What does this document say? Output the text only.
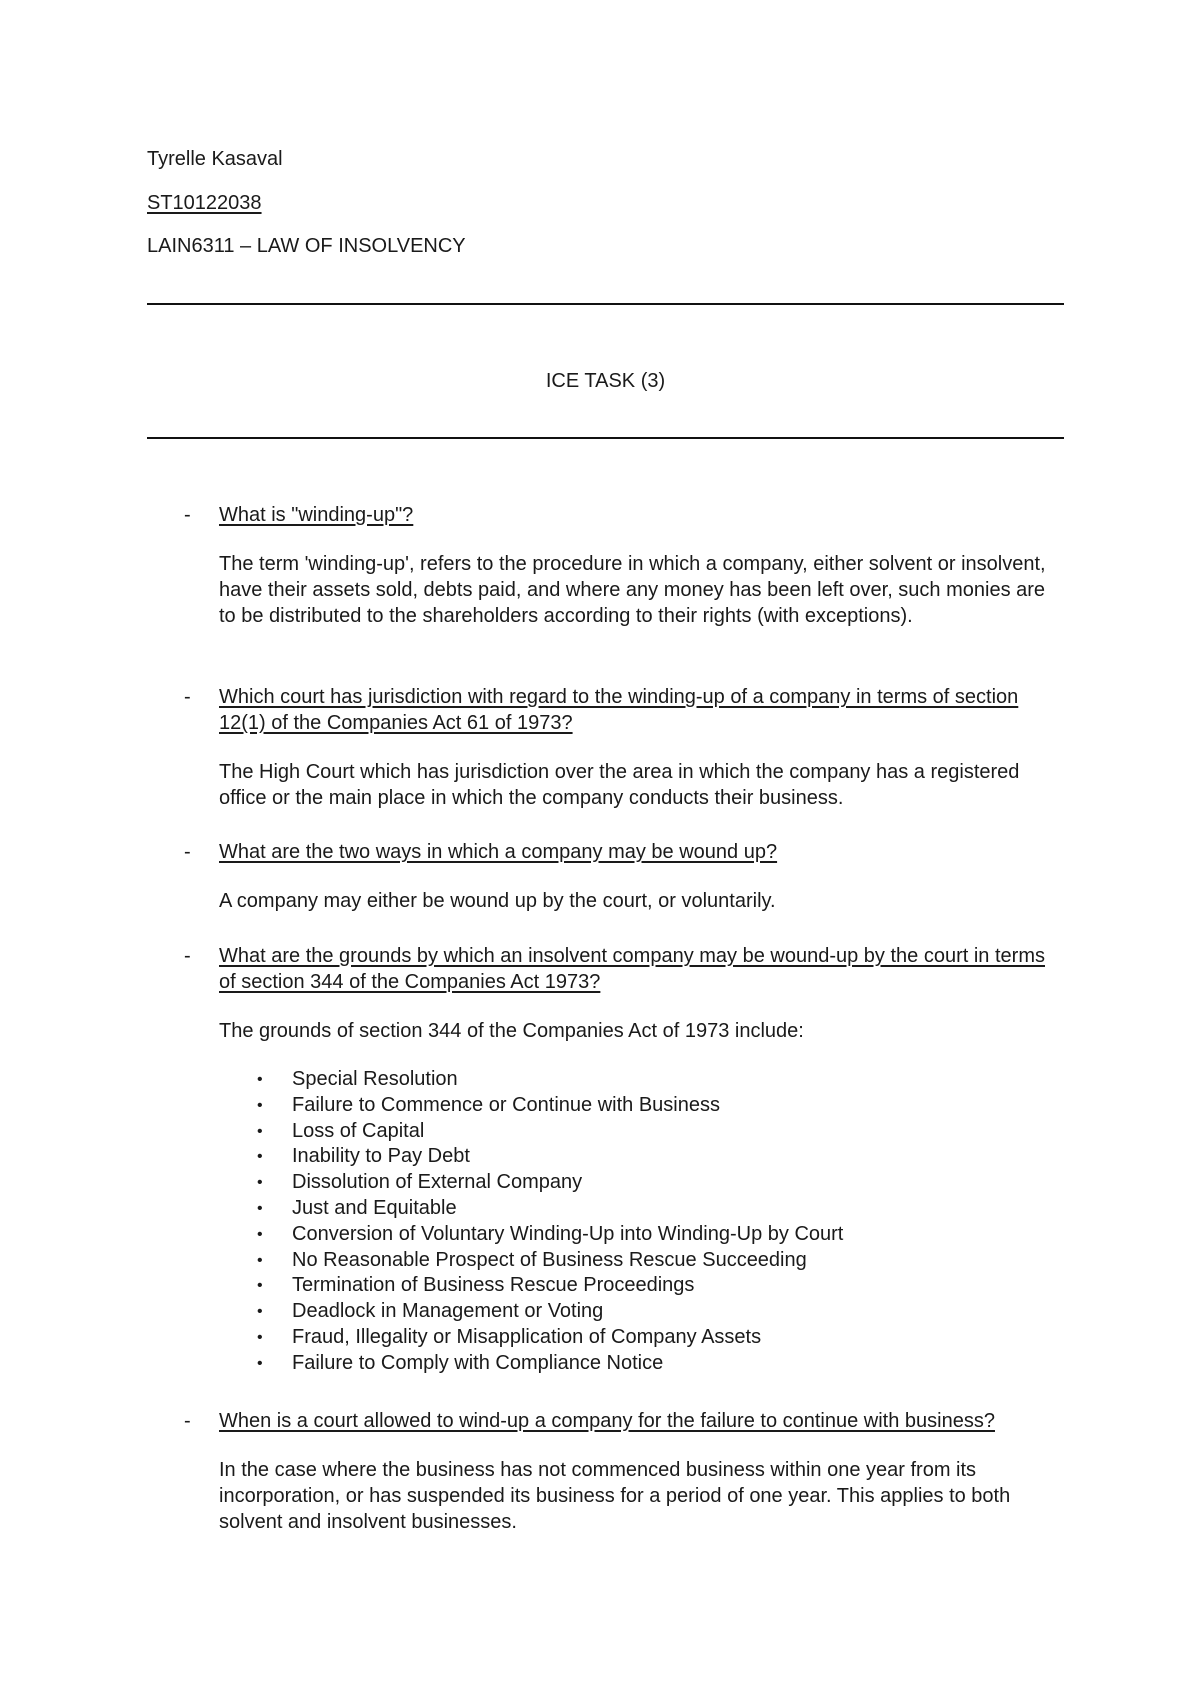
Tyrelle Kasaval
ST10122038
LAIN6311 – LAW OF INSOLVENCY
ICE TASK (3)
- What is "winding-up"?
The term 'winding-up', refers to the procedure in which a company, either solvent or insolvent, have their assets sold, debts paid, and where any money has been left over, such monies are to be distributed to the shareholders according to their rights (with exceptions).
- Which court has jurisdiction with regard to the winding-up of a company in terms of section 12(1) of the Companies Act 61 of 1973?
The High Court which has jurisdiction over the area in which the company has a registered office or the main place in which the company conducts their business.
- What are the two ways in which a company may be wound up?
A company may either be wound up by the court, or voluntarily.
- What are the grounds by which an insolvent company may be wound-up by the court in terms of section 344 of the Companies Act 1973?
The grounds of section 344 of the Companies Act of 1973 include:
• Special Resolution
• Failure to Commence or Continue with Business
• Loss of Capital
• Inability to Pay Debt
• Dissolution of External Company
• Just and Equitable
• Conversion of Voluntary Winding-Up into Winding-Up by Court
• No Reasonable Prospect of Business Rescue Succeeding
• Termination of Business Rescue Proceedings
• Deadlock in Management or Voting
• Fraud, Illegality or Misapplication of Company Assets
• Failure to Comply with Compliance Notice
- When is a court allowed to wind-up a company for the failure to continue with business?
In the case where the business has not commenced business within one year from its incorporation, or has suspended its business for a period of one year. This applies to both solvent and insolvent businesses.
